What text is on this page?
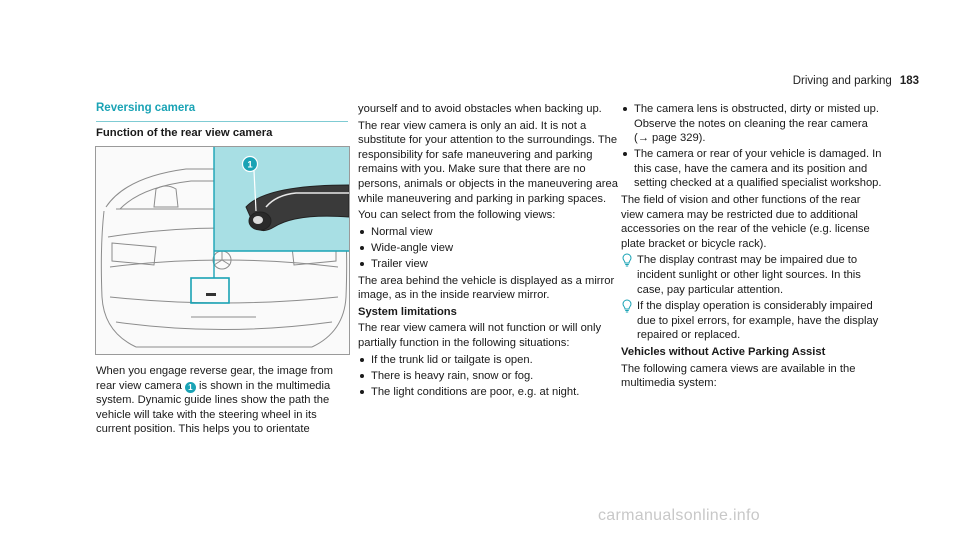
Driving and parking 183
Reversing camera
Function of the rear view camera
1

When you engage reverse gear, the image from rear view camera 1 is shown in the multimedia system. Dynamic guide lines show the path the vehicle will take with the steering wheel in its current position. This helps you to orientate

yourself and to avoid obstacles when backing up.

The rear view camera is only an aid. It is not a substitute for your attention to the surroundings. The responsibility for safe maneuvering and parking remains with you. Make sure that there are no persons, animals or objects in the maneuvering area while maneuvering and parking in parking spaces.

You can select from the following views:

Normal view
Wide-angle view
Trailer view

The area behind the vehicle is displayed as a mirror image, as in the inside rearview mirror.

System limitations

The rear view camera will not function or will only partially function in the following situations:

If the trunk lid or tailgate is open.
There is heavy rain, snow or fog.
The light conditions are poor, e.g. at night.
The camera lens is obstructed, dirty or misted up. Observe the notes on cleaning the rear camera (→ page 329).
The camera or rear of your vehicle is damaged. In this case, have the camera and its position and setting checked at a qualified specialist workshop.

The field of vision and other functions of the rear view camera may be restricted due to additional accessories on the rear of the vehicle (e.g. license plate bracket or bicycle rack).

The display contrast may be impaired due to incident sunlight or other light sources. In this case, pay particular attention.
If the display operation is considerably impaired due to pixel errors, for example, have the display repaired or replaced.

Vehicles without Active Parking Assist

The following camera views are available in the multimedia system:

carmanualsonline.info
